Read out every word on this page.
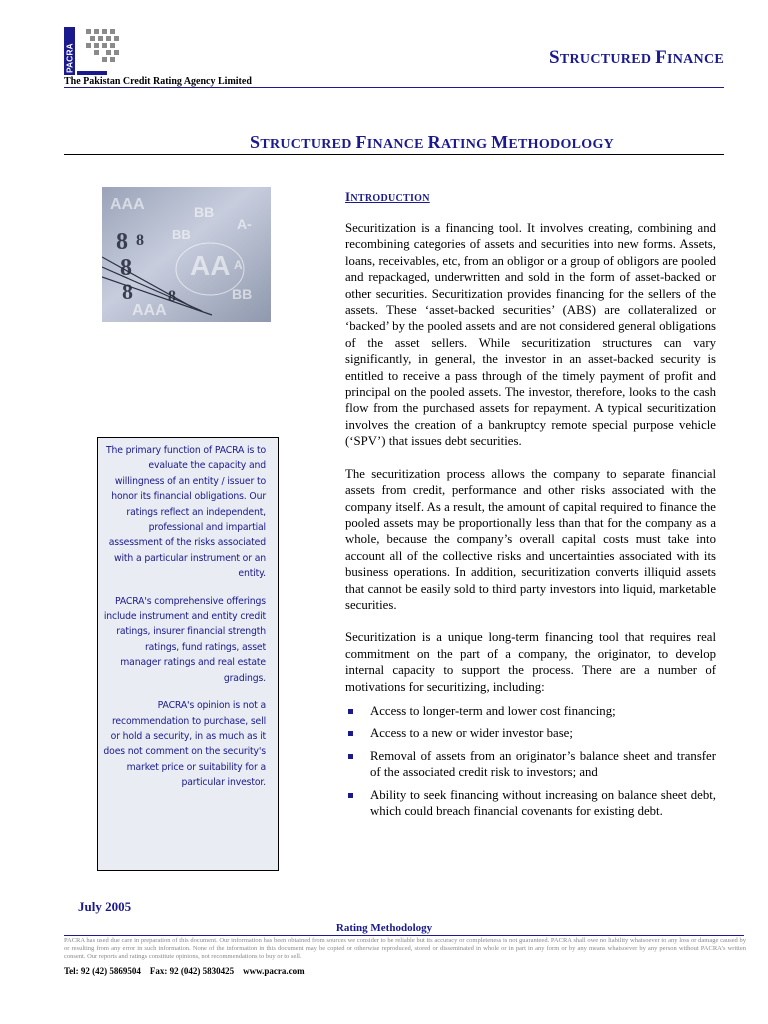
PACRA
The Pakistan Credit Rating Agency Limited
STRUCTURED FINANCE
STRUCTURED FINANCE RATING METHODOLOGY
AAA	BB
A-
BB
AA
BB
AAA
A
8 8
8
8 8

The primary function of PACRA is to evaluate the capacity and willingness of an entity / issuer to honor its financial obligations. Our ratings reflect an independent, professional and impartial assessment of the risks associated with a particular instrument or an entity.

PACRA's comprehensive offerings include instrument and entity credit ratings, insurer financial strength ratings, fund ratings, asset manager ratings and real estate gradings.

PACRA's opinion is not a recommendation to purchase, sell or hold a security, in as much as it does not comment on the security's market price or suitability for a particular investor.

INTRODUCTION

Securitization is a financing tool. It involves creating, combining and recombining categories of assets and securities into new forms. Assets, loans, receivables, etc, from an obligor or a group of obligors are pooled and repackaged, underwritten and sold in the form of asset-backed or other securities. Securitization provides financing for the sellers of the assets. These ‘asset-backed securities’ (ABS) are collateralized or ‘backed’ by the pooled assets and are not considered general obligations of the asset sellers. While securitization structures can vary significantly, in general, the investor in an asset-backed security is entitled to receive a pass through of the timely payment of profit and principal on the pooled assets. The investor, therefore, looks to the cash flow from the purchased assets for repayment. A typical securitization involves the creation of a bankruptcy remote special purpose vehicle (‘SPV’) that issues debt securities.

The securitization process allows the company to separate financial assets from credit, performance and other risks associated with the company itself. As a result, the amount of capital required to finance the pooled assets may be proportionally less than that for the company as a whole, because the company’s overall capital costs must take into account all of the collective risks and uncertainties associated with its business operations. In addition, securitization converts illiquid assets that cannot be easily sold to third party investors into liquid, marketable securities.

Securitization is a unique long-term financing tool that requires real commitment on the part of a company, the originator, to develop internal capacity to support the process. There are a number of motivations for securitizing, including:

Access to longer-term and lower cost financing;
Access to a new or wider investor base;
Removal of assets from an originator’s balance sheet and transfer of the associated credit risk to investors; and
Ability to seek financing without increasing on balance sheet debt, which could breach financial covenants for existing debt.
July 2005
Rating Methodology
PACRA has used due care in preparation of this document. Our information has been obtained from sources we consider to be reliable but its accuracy or completeness is not guaranteed. PACRA shall owe no liability whatsoever to any loss or damage caused by or resulting from any error in such information. None of the information in this document may be copied or otherwise reproduced, stored or disseminated in whole or in part in any form or by any means whatsoever by any person without PACRA’s written consent. Our reports and ratings constitute opinions, not recommendations to buy or to sell.
Tel: 92 (42) 5869504    Fax: 92 (042) 5830425    www.pacra.com
